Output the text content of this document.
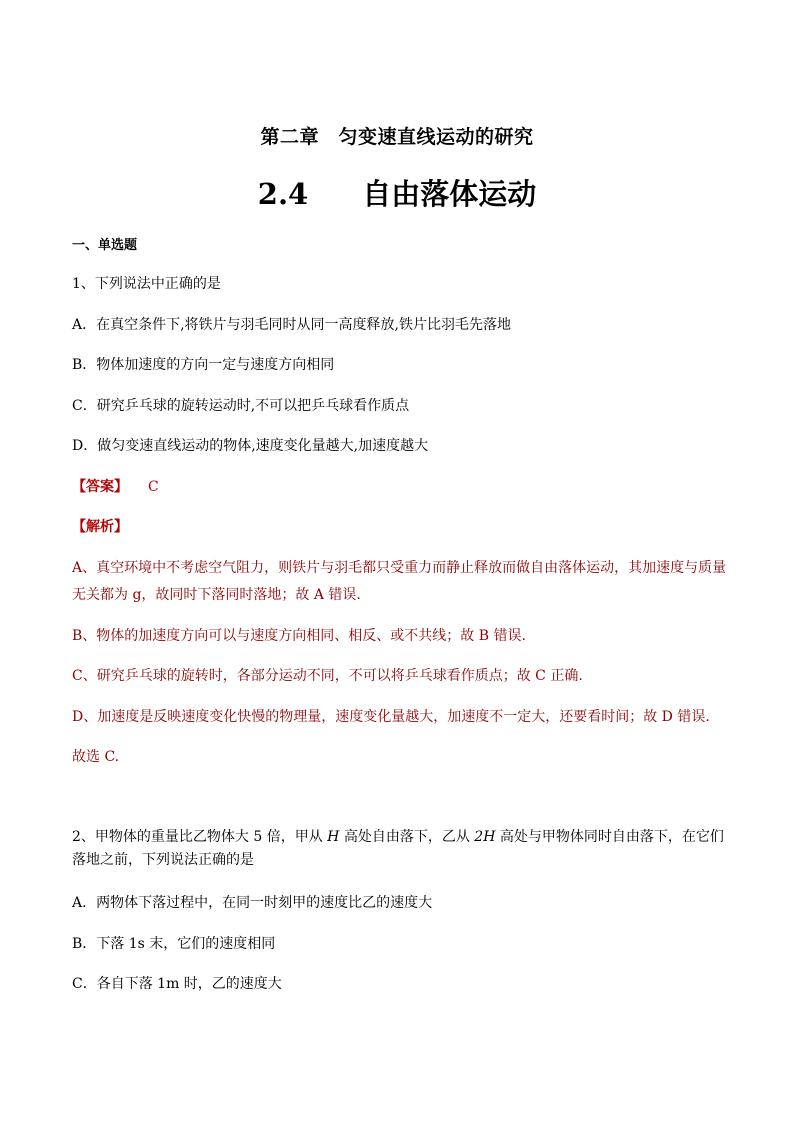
第二章　匀变速直线运动的研究
2.4 自由落体运动
一、单选题
1、下列说法中正确的是
A．在真空条件下,将铁片与羽毛同时从同一高度释放,铁片比羽毛先落地
B．物体加速度的方向一定与速度方向相同
C．研究乒乓球的旋转运动时,不可以把乒乓球看作质点
D．做匀变速直线运动的物体,速度变化量越大,加速度越大
【答案】 C
【解析】
A、真空环境中不考虑空气阻力，则铁片与羽毛都只受重力而静止释放而做自由落体运动，其加速度与质量
无关都为 g，故同时下落同时落地；故 A 错误.
B、物体的加速度方向可以与速度方向相同、相反、或不共线；故 B 错误.
C、研究乒乓球的旋转时，各部分运动不同，不可以将乒乓球看作质点；故 C 正确.
D、加速度是反映速度变化快慢的物理量，速度变化量越大，加速度不一定大，还要看时间；故 D 错误.
故选 C.
2、甲物体的重量比乙物体大 5 倍，甲从 H 高处自由落下，乙从 2H 高处与甲物体同时自由落下，在它们落地之前，下列说法正确的是
A．两物体下落过程中，在同一时刻甲的速度比乙的速度大
B．下落 1s 末，它们的速度相同
C．各自下落 1m 时，乙的速度大
